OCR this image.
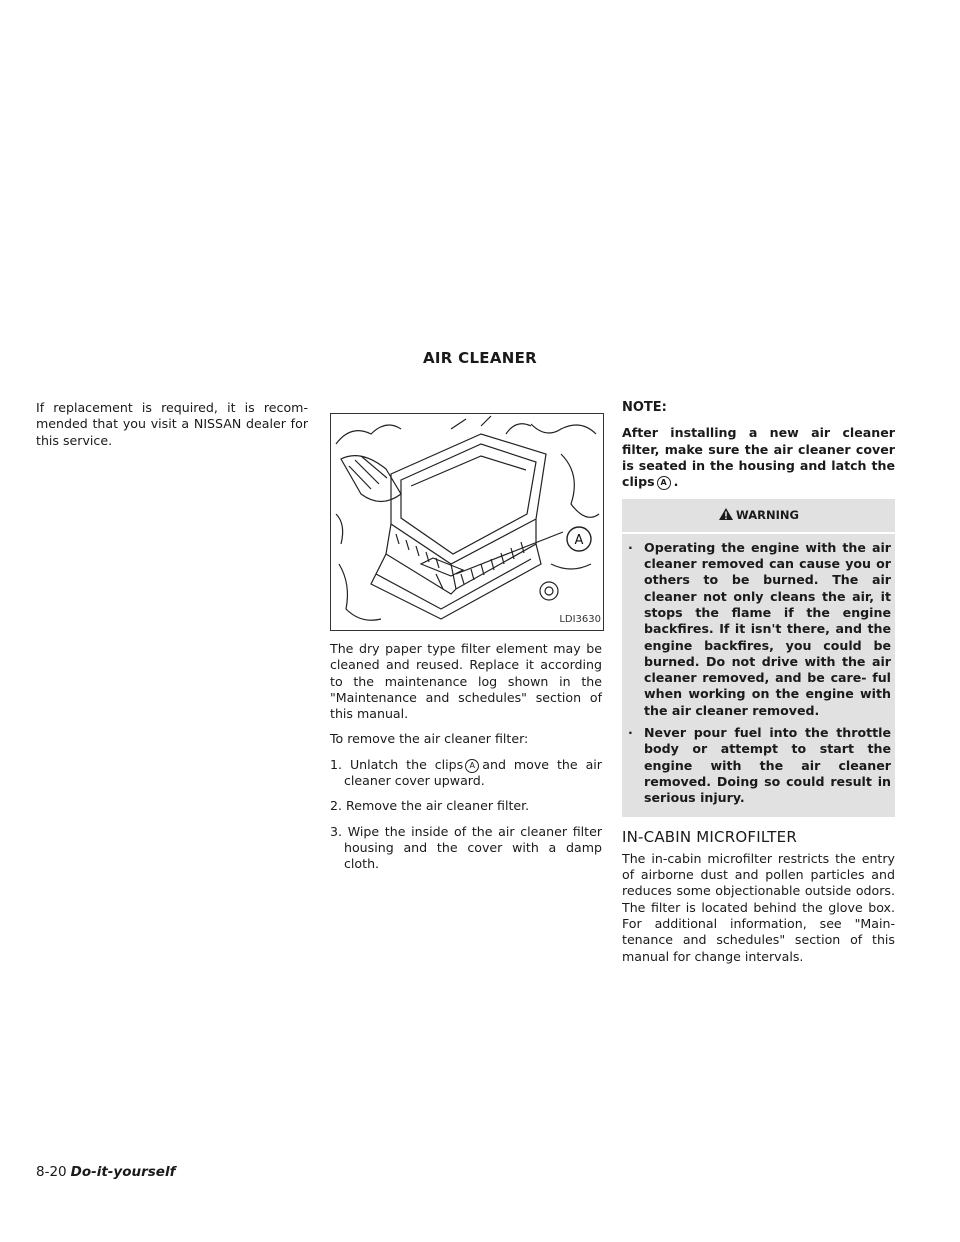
AIR CLEANER

If replacement is required, it is recom- mended that you visit a NISSAN dealer for this service.

A
LDI3630

The dry paper type filter element may be cleaned and reused. Replace it according to the maintenance log shown in the "Maintenance and schedules" section of this manual.

To remove the air cleaner filter:

1. Unlatch the clips A and move the air cleaner cover upward.
2. Remove the air cleaner filter.
3. Wipe the inside of the air cleaner filter housing and the cover with a damp cloth.
NOTE:

After installing a new air cleaner filter, make sure the air cleaner cover is seated in the housing and latch the clips A .

WARNING
· Operating the engine with the air cleaner removed can cause you or others to be burned. The air cleaner not only cleans the air, it stops the flame if the engine backfires. If it isn't there, and the engine backfires, you could be burned. Do not drive with the air cleaner removed, and be care- ful when working on the engine with the air cleaner removed.
· Never pour fuel into the throttle body or attempt to start the engine with the air cleaner removed. Doing so could result in serious injury.
IN-CABIN MICROFILTER

The in-cabin microfilter restricts the entry of airborne dust and pollen particles and reduces some objectionable outside odors. The filter is located behind the glove box. For additional information, see "Main- tenance and schedules" section of this manual for change intervals.

8-20 Do-it-yourself
